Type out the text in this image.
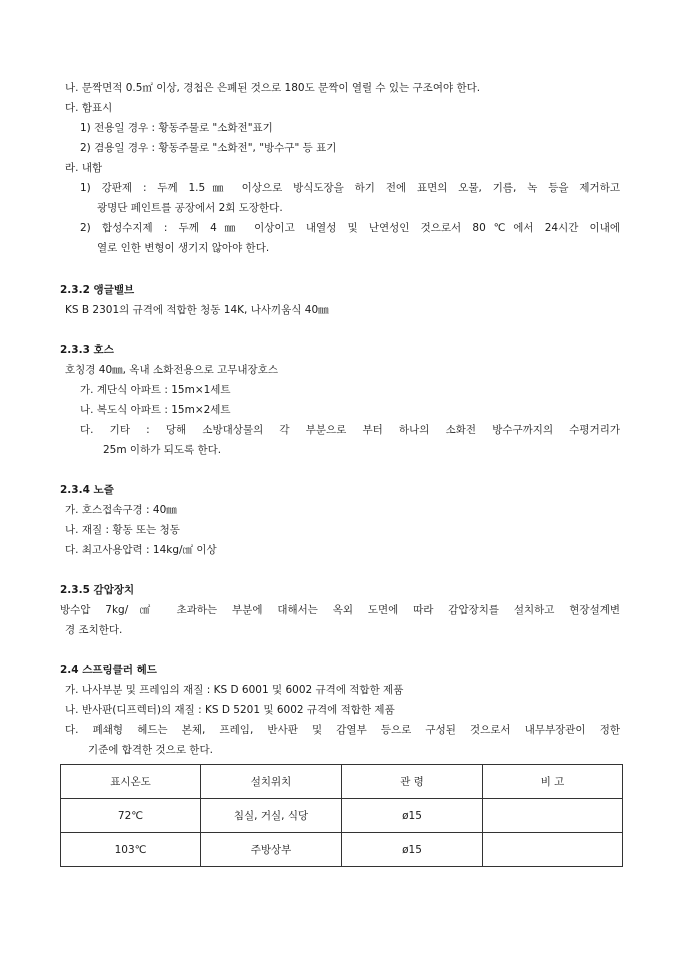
나. 문짝면적 0.5㎡ 이상, 경첩은 은폐된 것으로 180도 문짝이 열릴 수 있는 구조여야 한다.
다. 함표시
1) 전용일 경우 : 황동주물로 "소화전"표기
2) 겸용일 경우 : 황동주물로 "소화전", "방수구" 등 표기
라. 내함
1) 강판제 : 두께 1.5㎜ 이상으로 방식도장을 하기 전에 표면의 오물, 기름, 녹 등을 제거하고
광명단 페인트를 공장에서 2회 도장한다.
2) 합성수지제 : 두께 4㎜ 이상이고 내열성 및 난연성인 것으로서 80℃에서 24시간 이내에
열로 인한 변형이 생기지 않아야 한다.
2.3.2 앵글밸브
KS B 2301의 규격에 적합한 청동 14K, 나사끼움식 40㎜
2.3.3 호스
호칭경 40㎜, 옥내 소화전용으로 고무내장호스
가. 계단식 아파트 : 15m×1세트
나. 복도식 아파트 : 15m×2세트
다. 기타 : 당해 소방대상물의 각 부분으로 부터 하나의 소화전 방수구까지의 수평거리가
25m 이하가 되도록 한다.
2.3.4 노즐
가. 호스접속구경 : 40㎜
나. 재질 : 황동 또는 청동
다. 최고사용압력 : 14kg/㎠ 이상
2.3.5 감압장치
방수압 7kg/㎠ 초과하는 부분에 대해서는 옥외 도면에 따라 감압장치를 설치하고 현장설계변
경 조치한다.
2.4 스프링클러 헤드
가. 나사부분 및 프레임의 재질 : KS D 6001 및 6002 규격에 적합한 제품
나. 반사판(디프렉터)의 재질 : KS D 5201 및 6002 규격에 적합한 제품
다. 폐쇄형 헤드는 본체, 프레임, 반사판 및 감열부 등으로 구성된 것으로서 내무부장관이 정한
기준에 합격한 것으로 한다.
표시온도	설치위치	관 령	비 고
72℃	침실, 거실, 식당	ø15	
103℃	주방상부	ø15	
